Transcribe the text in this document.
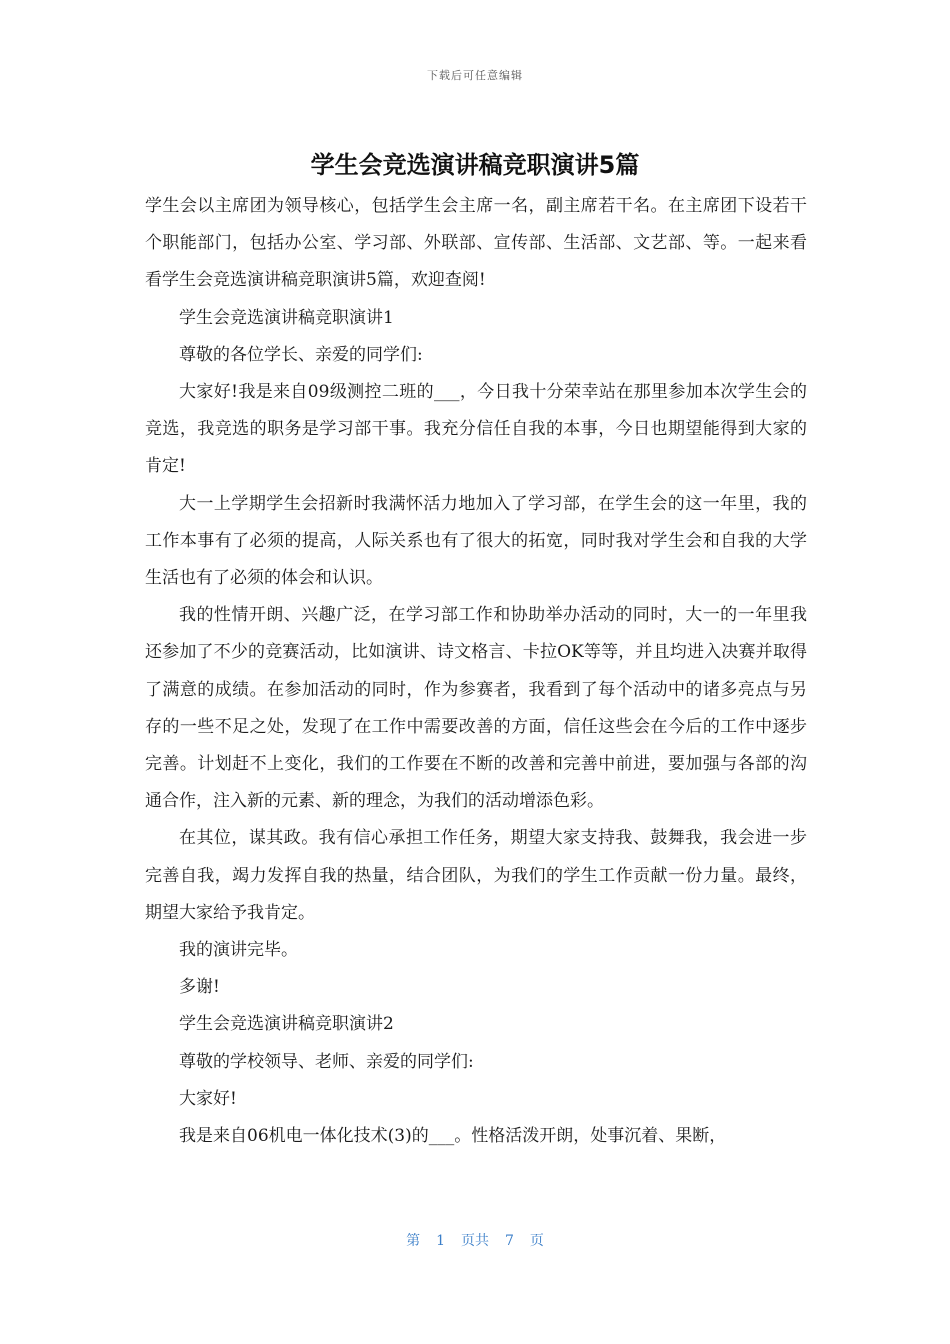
下载后可任意编辑
学生会竞选演讲稿竞职演讲5篇

学生会以主席团为领导核心，包括学生会主席一名，副主席若干名。在主席团下设若干个职能部门，包括办公室、学习部、外联部、宣传部、生活部、文艺部、等。一起来看看学生会竞选演讲稿竞职演讲5篇，欢迎查阅!

学生会竞选演讲稿竞职演讲1

尊敬的各位学长、亲爱的同学们:

大家好!我是来自09级测控二班的___，今日我十分荣幸站在那里参加本次学生会的竞选，我竞选的职务是学习部干事。我充分信任自我的本事，今日也期望能得到大家的肯定!

大一上学期学生会招新时我满怀活力地加入了学习部，在学生会的这一年里，我的工作本事有了必须的提高，人际关系也有了很大的拓宽，同时我对学生会和自我的大学生活也有了必须的体会和认识。

我的性情开朗、兴趣广泛，在学习部工作和协助举办活动的同时，大一的一年里我还参加了不少的竞赛活动，比如演讲、诗文格言、卡拉OK等等，并且均进入决赛并取得了满意的成绩。在参加活动的同时，作为参赛者，我看到了每个活动中的诸多亮点与另存的一些不足之处，发现了在工作中需要改善的方面，信任这些会在今后的工作中逐步完善。计划赶不上变化，我们的工作要在不断的改善和完善中前进，要加强与各部的沟通合作，注入新的元素、新的理念，为我们的活动增添色彩。

在其位，谋其政。我有信心承担工作任务，期望大家支持我、鼓舞我，我会进一步完善自我，竭力发挥自我的热量，结合团队，为我们的学生工作贡献一份力量。最终，期望大家给予我肯定。

我的演讲完毕。

多谢!

学生会竞选演讲稿竞职演讲2

尊敬的学校领导、老师、亲爱的同学们:

大家好!

我是来自06机电一体化技术(3)的___。性格活泼开朗，处事沉着、果断，

第 1 页共 7 页
